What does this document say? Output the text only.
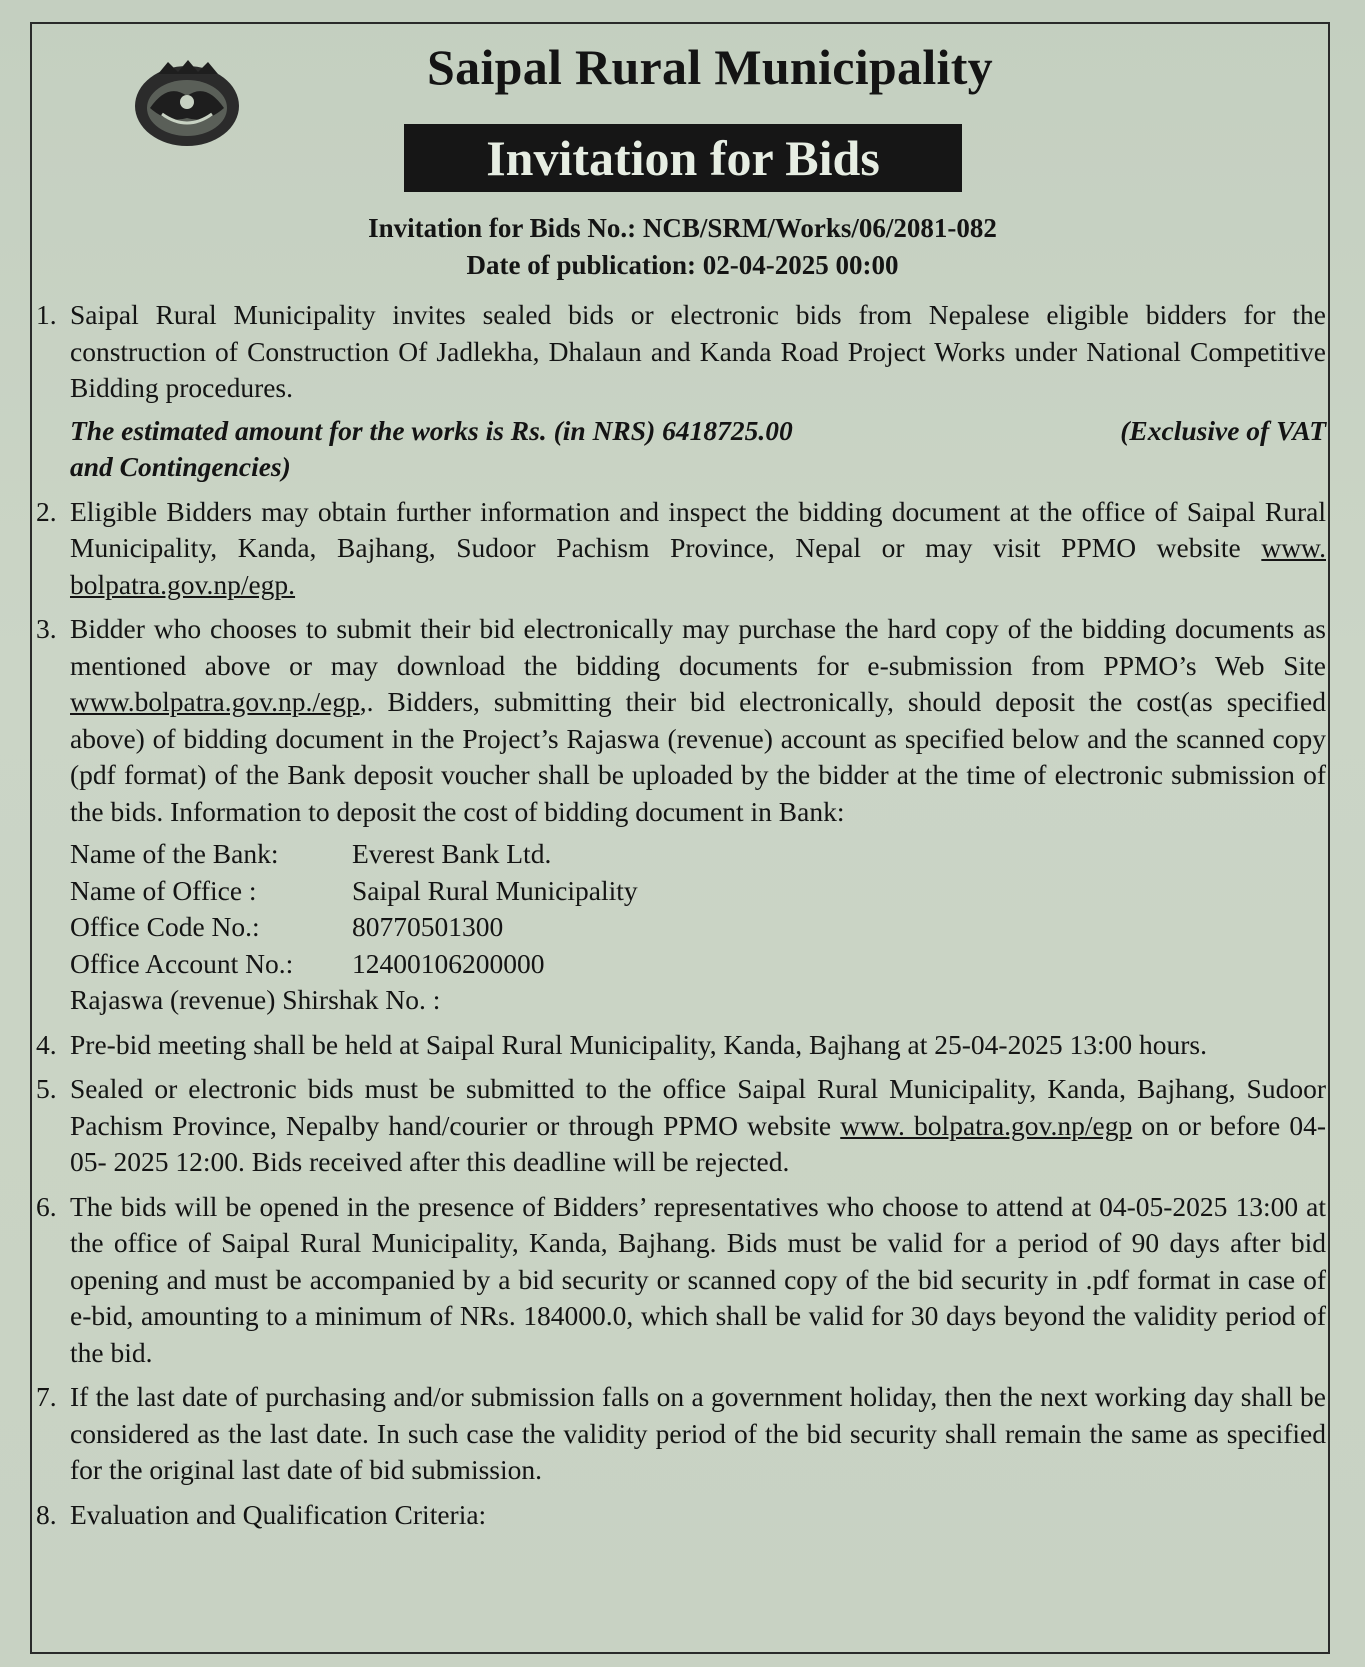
Saipal Rural Municipality
Invitation for Bids
Invitation for Bids No.: NCB/SRM/Works/06/2081-082
Date of publication: 02-04-2025 00:00
1. Saipal Rural Municipality invites sealed bids or electronic bids from Nepalese eligible bidders for the construction of Construction Of Jadlekha, Dhalaun and Kanda Road Project Works under National Competitive Bidding procedures.

The estimated amount for the works is Rs. (in NRS) 6418725.00	(Exclusive of VAT
and Contingencies)
2. Eligible Bidders may obtain further information and inspect the bidding document at the office of Saipal Rural Municipality, Kanda, Bajhang, Sudoor Pachism Province, Nepal or may visit PPMO website www. bolpatra.gov.np/egp.

3. Bidder who chooses to submit their bid electronically may purchase the hard copy of the bidding documents as mentioned above or may download the bidding documents for e-submission from PPMO’s Web Site www.bolpatra.gov.np./egp,. Bidders, submitting their bid electronically, should deposit the cost(as specified above) of bidding document in the Project’s Rajaswa (revenue) account as specified below and the scanned copy (pdf format) of the Bank deposit voucher shall be uploaded by the bidder at the time of electronic submission of the bids. Information to deposit the cost of bidding document in Bank:

Name of the Bank:	Everest Bank Ltd.
Name of Office :	Saipal Rural Municipality
Office Code No.:	80770501300
Office Account No.:	12400106200000
Rajaswa (revenue) Shirshak No. :
4. Pre-bid meeting shall be held at Saipal Rural Municipality, Kanda, Bajhang at 25-04-2025 13:00 hours.

5. Sealed or electronic bids must be submitted to the office Saipal Rural Municipality, Kanda, Bajhang, Sudoor Pachism Province, Nepalby hand/courier or through PPMO website www. bolpatra.gov.np/egp on or before 04-05- 2025 12:00. Bids received after this deadline will be rejected.

6. The bids will be opened in the presence of Bidders’ representatives who choose to attend at 04-05-2025 13:00 at the office of Saipal Rural Municipality, Kanda, Bajhang. Bids must be valid for a period of 90 days after bid opening and must be accompanied by a bid security or scanned copy of the bid security in .pdf format in case of e-bid, amounting to a minimum of NRs. 184000.0, which shall be valid for 30 days beyond the validity period of the bid.

7. If the last date of purchasing and/or submission falls on a government holiday, then the next working day shall be considered as the last date. In such case the validity period of the bid security shall remain the same as specified for the original last date of bid submission.

8. Evaluation and Qualification Criteria:
